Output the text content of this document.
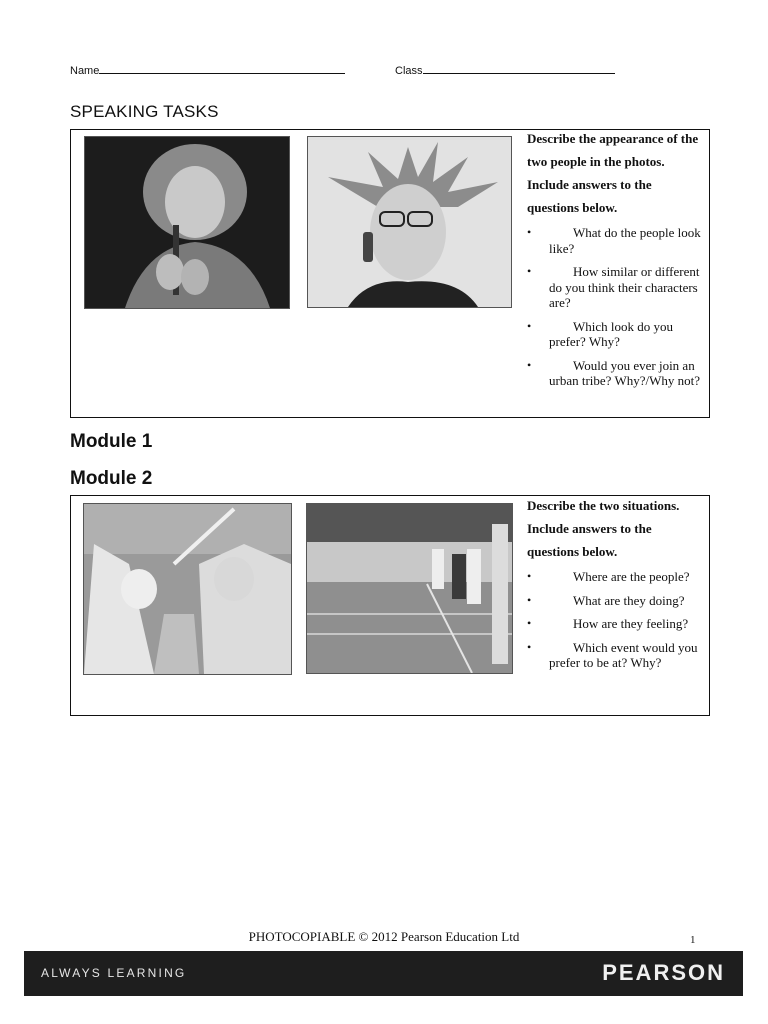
Name	Class
SPEAKING TASKS
Describe the appearance of the two people in the photos. Include answers to the questions below.
•	What do the people look like?
•	How similar or different do you think their characters are?
•	Which look do you prefer? Why?
•	Would you ever join an urban tribe? Why?/Why not?
Module 1
Module 2
Describe the two situations. Include answers to the questions below.
•	Where are the people?
•	What are they doing?
•	How are they feeling?
•	Which event would you prefer to be at? Why?
PHOTOCOPIABLE © 2012 Pearson Education Ltd	1
ALWAYS LEARNING	PEARSON
